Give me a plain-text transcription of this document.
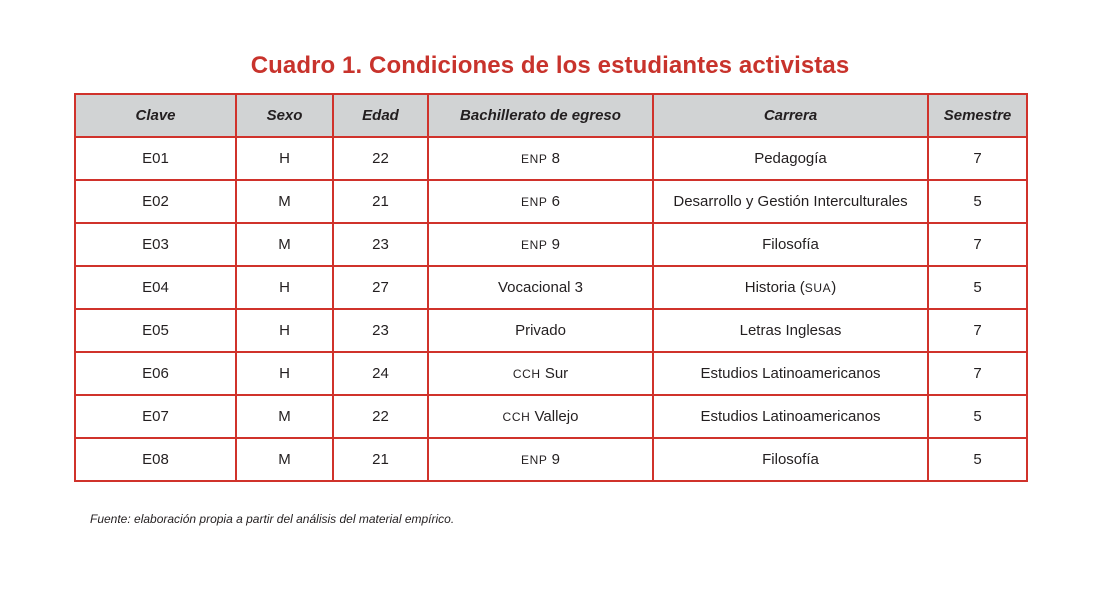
Cuadro 1. Condiciones de los estudiantes activistas
Clave	Sexo	Edad	Bachillerato de egreso	Carrera	Semestre
E01	H	22	ENP 8	Pedagogía	7
E02	M	21	ENP 6	Desarrollo y Gestión Interculturales	5
E03	M	23	ENP 9	Filosofía	7
E04	H	27	Vocacional 3	Historia (SUA)	5
E05	H	23	Privado	Letras Inglesas	7
E06	H	24	CCH Sur	Estudios Latinoamericanos	7
E07	M	22	CCH Vallejo	Estudios Latinoamericanos	5
E08	M	21	ENP 9	Filosofía	5

Fuente: elaboración propia a partir del análisis del material empírico.
